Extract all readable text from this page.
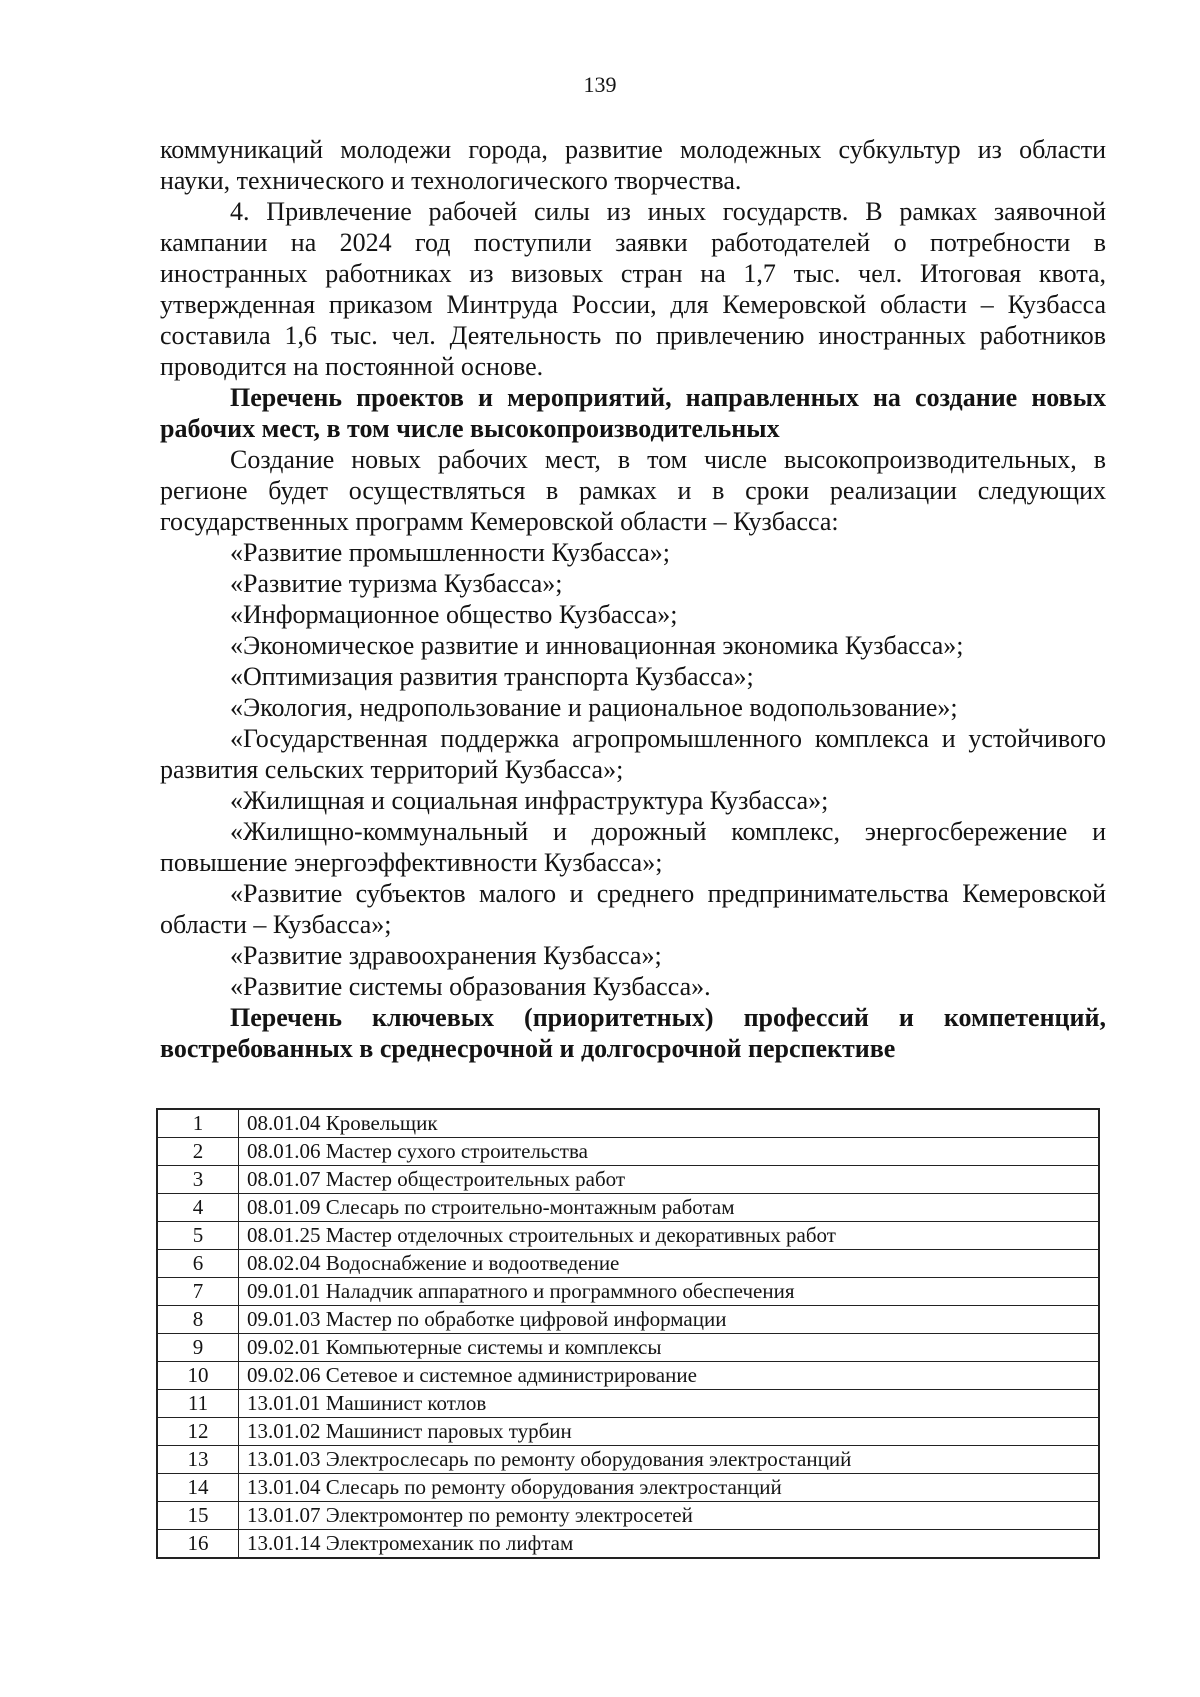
139

коммуникаций молодежи города, развитие молодежных субкультур из области науки, технического и технологического творчества.

4. Привлечение рабочей силы из иных государств. В рамках заявочной кампании на 2024 год поступили заявки работодателей о потребности в иностранных работниках из визовых стран на 1,7 тыс. чел. Итоговая квота, утвержденная приказом Минтруда России, для Кемеровской области – Кузбасса составила 1,6 тыс. чел. Деятельность по привлечению иностранных работников проводится на постоянной основе.

Перечень проектов и мероприятий, направленных на создание новых рабочих мест, в том числе высокопроизводительных

Создание новых рабочих мест, в том числе высокопроизводительных, в регионе будет осуществляться в рамках и в сроки реализации следующих государственных программ Кемеровской области – Кузбасса:

«Развитие промышленности Кузбасса»;

«Развитие туризма Кузбасса»;

«Информационное общество Кузбасса»;

«Экономическое развитие и инновационная экономика Кузбасса»;

«Оптимизация развития транспорта Кузбасса»;

«Экология, недропользование и рациональное водопользование»;

«Государственная поддержка агропромышленного комплекса и устойчивого развития сельских территорий Кузбасса»;

«Жилищная и социальная инфраструктура Кузбасса»;

«Жилищно-коммунальный и дорожный комплекс, энергосбережение и повышение энергоэффективности Кузбасса»;

«Развитие субъектов малого и среднего предпринимательства Кемеровской области – Кузбасса»;

«Развитие здравоохранения Кузбасса»;

«Развитие системы образования Кузбасса».

Перечень ключевых (приоритетных) профессий и компетенций, востребованных в среднесрочной и долгосрочной перспективе

1	08.01.04 Кровельщик
2	08.01.06 Мастер сухого строительства
3	08.01.07 Мастер общестроительных работ
4	08.01.09 Слесарь по строительно-монтажным работам
5	08.01.25 Мастер отделочных строительных и декоративных работ
6	08.02.04 Водоснабжение и водоотведение
7	09.01.01 Наладчик аппаратного и программного обеспечения
8	09.01.03 Мастер по обработке цифровой информации
9	09.02.01 Компьютерные системы и комплексы
10	09.02.06 Сетевое и системное администрирование
11	13.01.01 Машинист котлов
12	13.01.02 Машинист паровых турбин
13	13.01.03 Электрослесарь по ремонту оборудования электростанций
14	13.01.04 Слесарь по ремонту оборудования электростанций
15	13.01.07 Электромонтер по ремонту электросетей
16	13.01.14 Электромеханик по лифтам
